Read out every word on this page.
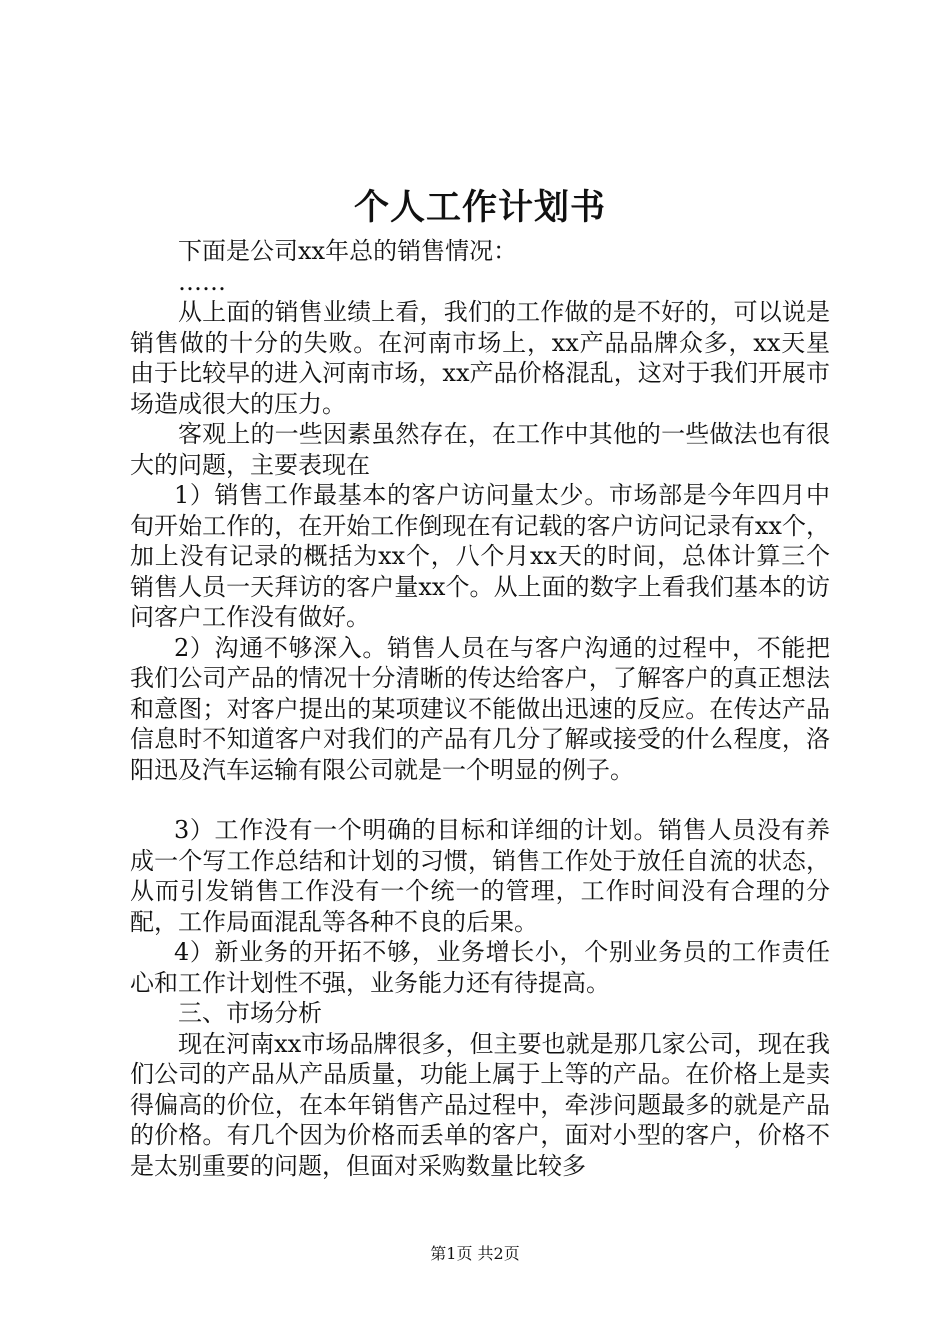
个人工作计划书

下面是公司xx年总的销售情况：

……

从上面的销售业绩上看，我们的工作做的是不好的，可以说是销售做的十分的失败。在河南市场上，xx产品品牌众多，xx天星由于比较早的进入河南市场，xx产品价格混乱，这对于我们开展市场造成很大的压力。

客观上的一些因素虽然存在，在工作中其他的一些做法也有很大的问题，主要表现在

1）销售工作最基本的客户访问量太少。市场部是今年四月中旬开始工作的，在开始工作倒现在有记载的客户访问记录有xx个，加上没有记录的概括为xx个，八个月xx天的时间，总体计算三个销售人员一天拜访的客户量xx个。从上面的数字上看我们基本的访问客户工作没有做好。

2）沟通不够深入。销售人员在与客户沟通的过程中，不能把我们公司产品的情况十分清晰的传达给客户，了解客户的真正想法和意图；对客户提出的某项建议不能做出迅速的反应。在传达产品信息时不知道客户对我们的产品有几分了解或接受的什么程度，洛阳迅及汽车运输有限公司就是一个明显的例子。

3）工作没有一个明确的目标和详细的计划。销售人员没有养成一个写工作总结和计划的习惯，销售工作处于放任自流的状态，从而引发销售工作没有一个统一的管理，工作时间没有合理的分配，工作局面混乱等各种不良的后果。

4）新业务的开拓不够，业务增长小，个别业务员的工作责任心和工作计划性不强，业务能力还有待提高。

三、市场分析

现在河南xx市场品牌很多，但主要也就是那几家公司，现在我们公司的产品从产品质量，功能上属于上等的产品。在价格上是卖得偏高的价位，在本年销售产品过程中，牵涉问题最多的就是产品的价格。有几个因为价格而丢单的客户，面对小型的客户，价格不是太别重要的问题，但面对采购数量比较多

第1页 共2页
